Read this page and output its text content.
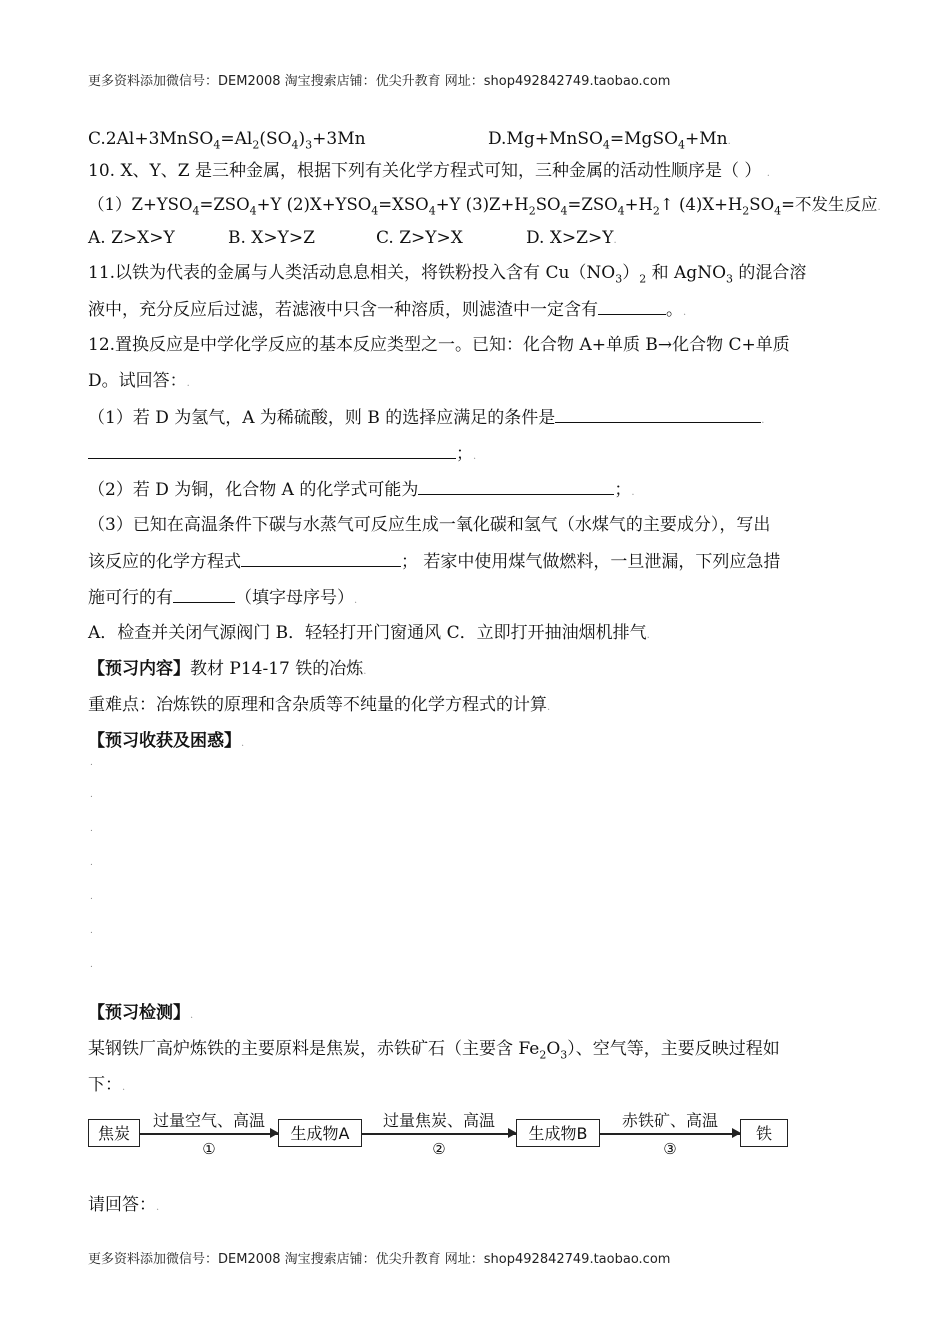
更多资料添加微信号：DEM2008 淘宝搜索店铺：优尖升教育 网址：shop492842749.taobao.com
$C.2Al+3MnSO_4=Al_2(SO_4)_3+3Mn$	D.Mg+MnSO$_4$=MgSO$_4$+Mn.
10. X、Y、Z 是三种金属，根据下列有关化学方程式可知，三种金属的活动性顺序是（ ） .
$(1)Z+YSO_4=ZSO_4+Y$ $(2)X+YSO_4=XSO_4+Y$ $(3)Z+H_2SO_4=ZSO_4+H_2↑$ $(4)X+H_2SO_4=$不发生反应.
A. Z>X>Y	B. X>Y>Z	C. Z>Y>X	D. X>Z>Y.
11.以铁为代表的金属与人类活动息息相关，将铁粉投入含有 $Cu(NO_3)_2$ 和 AgNO$_3$ 的混合溶
液中，充分反应后过滤，若滤液中只含一种溶质，则滤渣中一定含有	。.
12.置换反应是中学化学反应的基本反应类型之一。已知：化合物 A+单质 B→化合物 C+单质
D。试回答：.
（1）若 D 为氢气，A 为稀硫酸，则 B 的选择应满足的条件是	.
；.
（2）若 D 为铜，化合物 A 的化学式可能为	；.
（3）已知在高温条件下碳与水蒸气可反应生成一氧化碳和氢气（水煤气的主要成分），写出
该反应的化学方程式	； 若家中使用煤气做燃料，一旦泄漏，下列应急措
施可行的有	（填字母序号）.
A．检查并关闭气源阀门 B．轻轻打开门窗通风 C．立即打开抽油烟机排气.
【预习内容】教材 P14-17 铁的冶炼.
重难点：冶炼铁的原理和含杂质等不纯量的化学方程式的计算.
【预习收获及困惑】.
.
.
.
.
.
.
.
【预习检测】.
某钢铁厂高炉炼铁的主要原料是焦炭，赤铁矿石（主要含 $Fe_2O_3$）、空气等，主要反映过程如
下：.
焦炭
过量空气、高温
①
生成物A
过量焦炭、高温
②
生成物B
赤铁矿、高温
③
铁
请回答：.
更多资料添加微信号：DEM2008 淘宝搜索店铺：优尖升教育 网址：shop492842749.taobao.com
